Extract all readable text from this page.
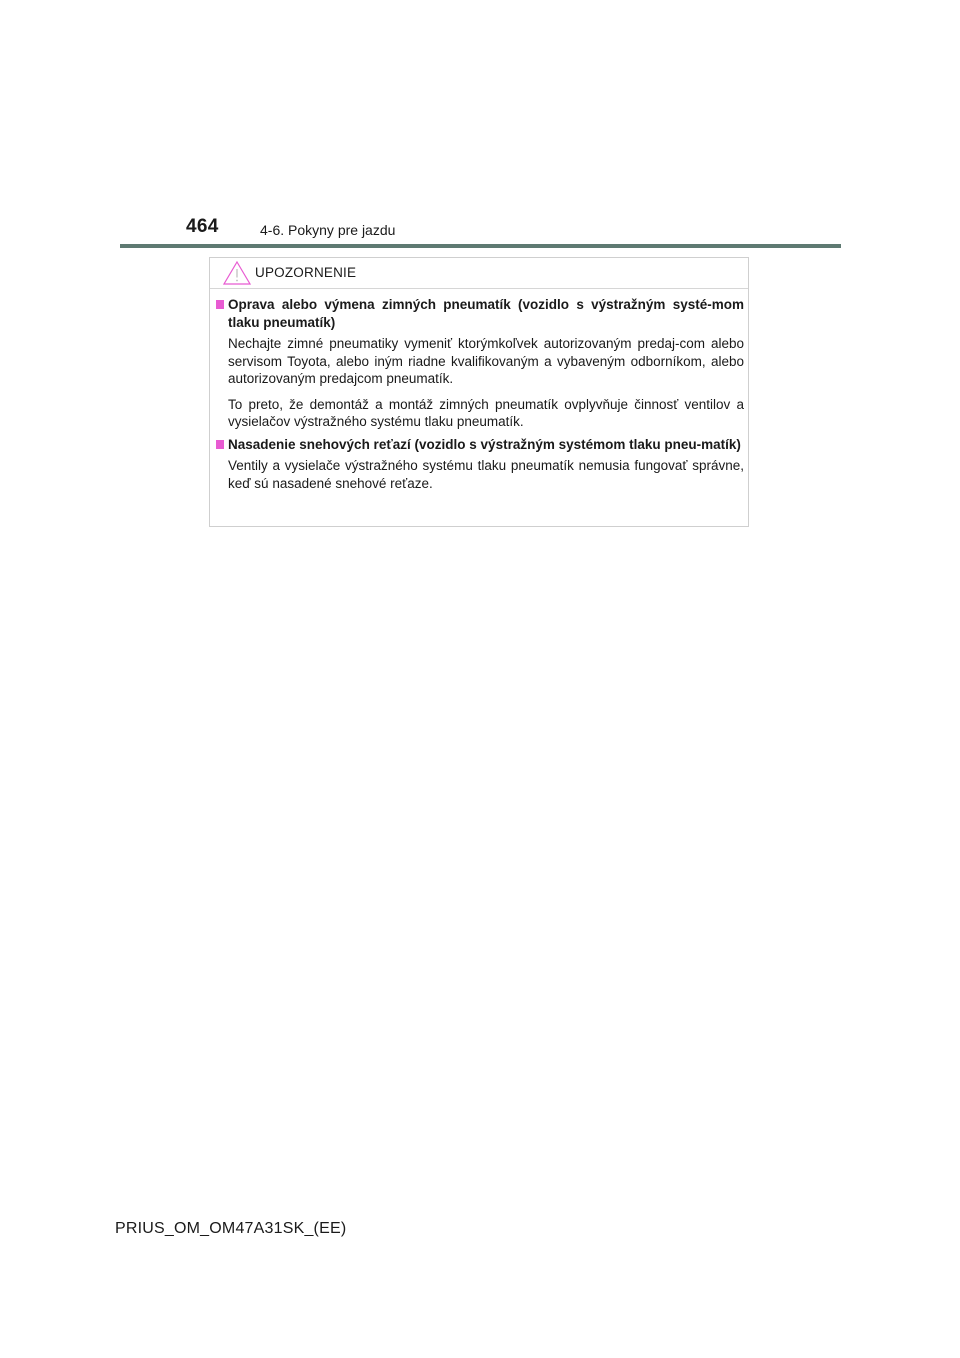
464	4-6. Pokyny pre jazdu
UPOZORNENIE
Oprava alebo výmena zimných pneumatík (vozidlo s výstražným systé-mom tlaku pneumatík)
Nechajte zimné pneumatiky vymeniť ktorýmkoľvek autorizovaným predaj-com alebo servisom Toyota, alebo iným riadne kvalifikovaným a vybaveným odborníkom, alebo autorizovaným predajcom pneumatík.
To preto, že demontáž a montáž zimných pneumatík ovplyvňuje činnosť ventilov a vysielačov výstražného systému tlaku pneumatík.
Nasadenie snehových reťazí (vozidlo s výstražným systémom tlaku pneu-matík)
Ventily a vysielače výstražného systému tlaku pneumatík nemusia fungovať správne, keď sú nasadené snehové reťaze.
PRIUS_OM_OM47A31SK_(EE)
